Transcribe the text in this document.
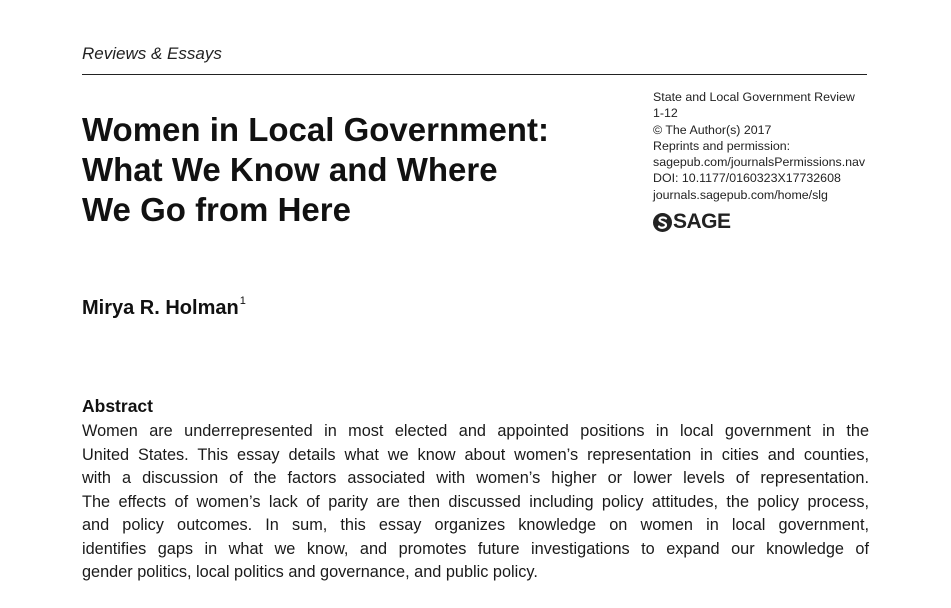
Reviews & Essays
Women in Local Government:
What We Know and Where
We Go from Here
State and Local Government Review
1-12
© The Author(s) 2017
Reprints and permission:
sagepub.com/journalsPermissions.nav
DOI: 10.1177/0160323X17732608
journals.sagepub.com/home/slg
SAGE
Mirya R. Holman$^1$
Abstract

Women are underrepresented in most elected and appointed positions in local government in the
United States. This essay details what we know about women’s representation in cities and counties,
with a discussion of the factors associated with women’s higher or lower levels of representation.
The effects of women’s lack of parity are then discussed including policy attitudes, the policy process,
and policy outcomes. In sum, this essay organizes knowledge on women in local government,
identifies gaps in what we know, and promotes future investigations to expand our knowledge of
gender politics, local politics and governance, and public policy.
